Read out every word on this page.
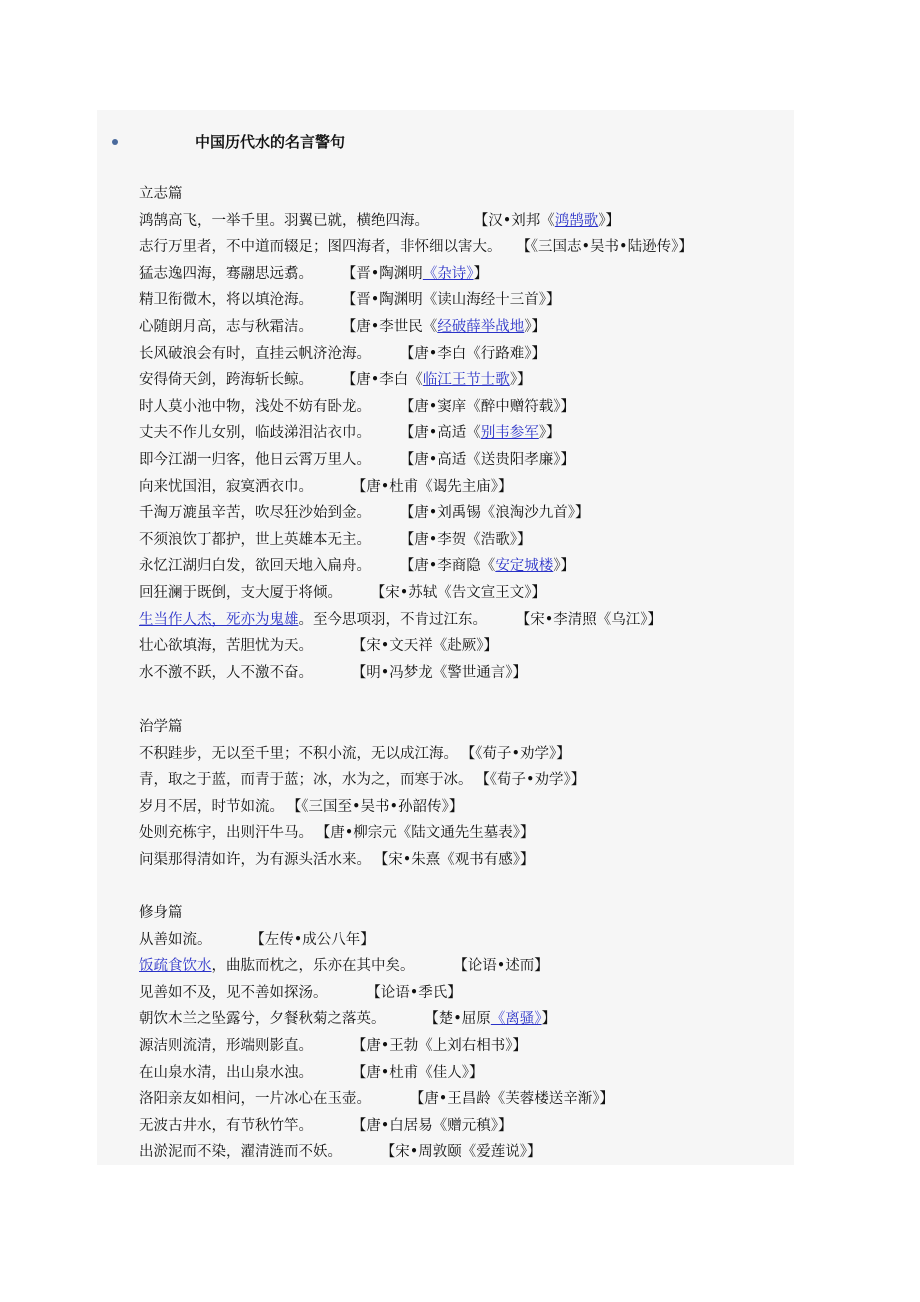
中国历代水的名言警句
立志篇
鸿鹄高飞，一举千里。羽翼已就，横绝四海。	【汉•刘邦《鸿鹄歌》】
志行万里者，不中道而辍足；图四海者，非怀细以害大。 【《三国志•吴书•陆逊传》】
猛志逸四海，骞翮思远翥。 【晋•陶渊明《杂诗》】
精卫衔微木，将以填沧海。 【晋•陶渊明《读山海经十三首》】
心随朗月高，志与秋霜洁。 【唐•李世民《经破薛举战地》】
长风破浪会有时，直挂云帆济沧海。 【唐•李白《行路难》】
安得倚天剑，跨海斩长鲸。 【唐•李白《临江王节士歌》】
时人莫小池中物，浅处不妨有卧龙。 【唐•窦庠《醉中赠符载》】
丈夫不作儿女别，临歧涕泪沾衣巾。 【唐•高适《别韦参军》】
即今江湖一归客，他日云霄万里人。 【唐•高适《送贵阳孝廉》】
向来忧国泪，寂寞洒衣巾。	【唐•杜甫《谒先主庙》】
千淘万漉虽辛苦，吹尽狂沙始到金。 【唐•刘禹锡《浪淘沙九首》】
不须浪饮丁都护，世上英雄本无主。 【唐•李贺《浩歌》】
永忆江湖归白发，欲回天地入扁舟。 【唐•李商隐《安定城楼》】
回狂澜于既倒，支大厦于将倾。 【宋•苏轼《告文宣王文》】
生当作人杰，死亦为鬼雄。至今思项羽，不肯过江东。 【宋•李清照《乌江》】
壮心欲填海，苦胆忧为天。	【宋•文天祥《赴厥》】
水不激不跃，人不激不奋。	【明•冯梦龙《警世通言》】
治学篇
不积跬步，无以至千里；不积小流，无以成江海。 【《荀子•劝学》】
青，取之于蓝，而青于蓝；冰，水为之，而寒于冰。 【《荀子•劝学》】
岁月不居，时节如流。 【《三国至•吴书•孙韶传》】
处则充栋宇，出则汗牛马。 【唐•柳宗元《陆文通先生墓表》】
问渠那得清如许，为有源头活水来。 【宋•朱熹《观书有感》】
修身篇
从善如流。	【左传•成公八年】
饭疏食饮水，曲肱而枕之，乐亦在其中矣。	【论语•述而】
见善如不及，见不善如探汤。	【论语•季氏】
朝饮木兰之坠露兮，夕餐秋菊之落英。	【楚•屈原《离骚》】
源洁则流清，形端则影直。	【唐•王勃《上刘右相书》】
在山泉水清，出山泉水浊。	【唐•杜甫《佳人》】
洛阳亲友如相问，一片冰心在玉壶。	【唐•王昌龄《芙蓉楼送辛渐》】
无波古井水，有节秋竹竿。	【唐•白居易《赠元稹》】
出淤泥而不染，濯清涟而不妖。	【宋•周敦颐《爱莲说》】
